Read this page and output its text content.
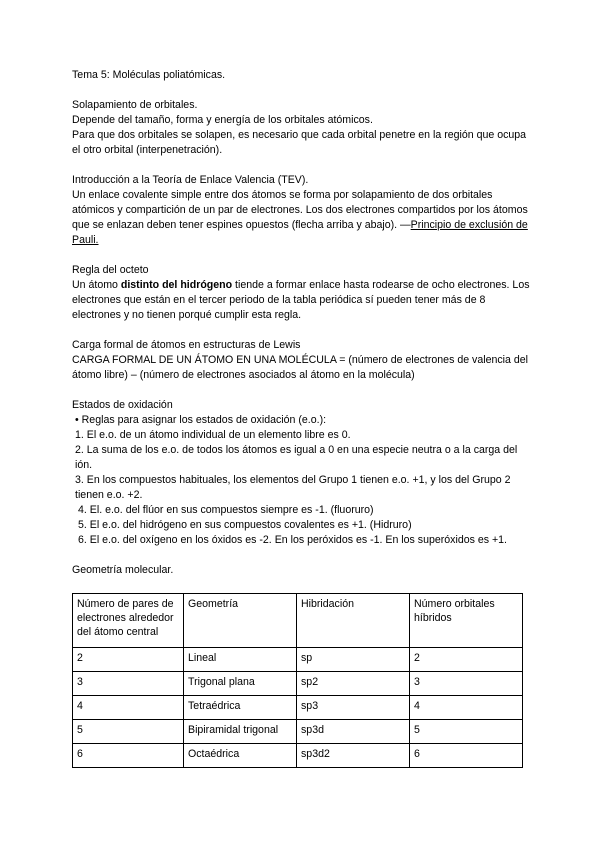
Tema 5: Moléculas poliatómicas.

Solapamiento de orbitales.

Depende del tamaño, forma y energía de los orbitales atómicos.

Para que dos orbitales se solapen, es necesario que cada orbital penetre en la región que ocupa el otro orbital (interpenetración).

Introducción a la Teoría de Enlace Valencia (TEV).

Un enlace covalente simple entre dos átomos se forma por solapamiento de dos orbitales atómicos y compartición de un par de electrones. Los dos electrones compartidos por los átomos que se enlazan deben tener espines opuestos (flecha arriba y abajo). —Principio de exclusión de Pauli.

Regla del octeto

Un átomo distinto del hidrógeno tiende a formar enlace hasta rodearse de ocho electrones. Los electrones que están en el tercer periodo de la tabla periódica sí pueden tener más de 8 electrones y no tienen porqué cumplir esta regla.

Carga formal de átomos en estructuras de Lewis

CARGA FORMAL DE UN ÁTOMO EN UNA MOLÉCULA = (número de electrones de valencia del átomo libre) – (número de electrones asociados al átomo en la molécula)

Estados de oxidación

• Reglas para asignar los estados de oxidación (e.o.):

1. El e.o. de un átomo individual de un elemento libre es 0.

2. La suma de los e.o. de todos los átomos es igual a 0 en una especie neutra o a la carga del ión.

3. En los compuestos habituales, los elementos del Grupo 1 tienen e.o. +1, y los del Grupo 2 tienen e.o. +2.

4. El. e.o. del flúor en sus compuestos siempre es -1. (fluoruro)

5. El e.o. del hidrógeno en sus compuestos covalentes es +1. (Hidruro)

6. El e.o. del oxígeno en los óxidos es -2. En los peróxidos es -1. En los superóxidos es +1.

Geometría molecular.

Número de pares de electrones alrededor del átomo central	Geometría	Hibridación	Número orbitales híbridos
2	Lineal	sp	2
3	Trigonal plana	sp2	3
4	Tetraédrica	sp3	4
5	Bipiramidal trigonal	sp3d	5
6	Octaédrica	sp3d2	6
